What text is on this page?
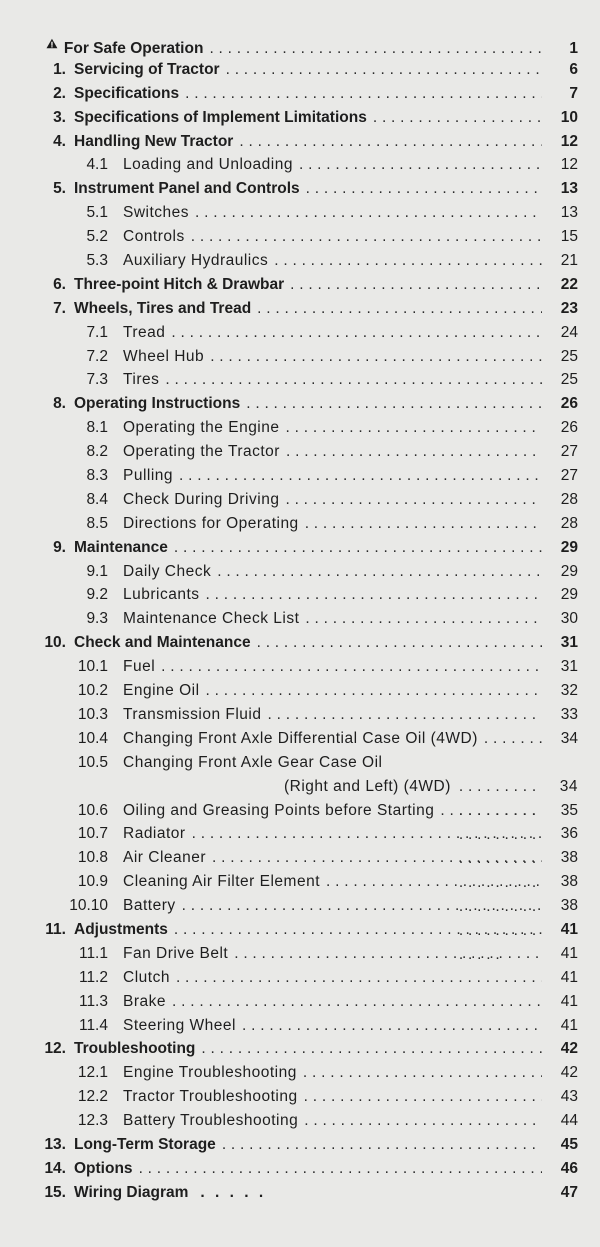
For Safe Operation . . .	1
1. Servicing of Tractor . . .	6
2. Specifications . . .	7
3. Specifications of Implement Limitations . . .	10
4. Handling New Tractor . . .	12
4.1 Loading and Unloading . . .	12
5. Instrument Panel and Controls . . .	13
5.1 Switches . . .	13
5.2 Controls . . .	15
5.3 Auxiliary Hydraulics . . .	21
6. Three-point Hitch & Drawbar . . .	22
7. Wheels, Tires and Tread . . .	23
7.1 Tread . . .	24
7.2 Wheel Hub . . .	25
7.3 Tires . . .	25
8. Operating Instructions . . .	26
8.1 Operating the Engine . . .	26
8.2 Operating the Tractor . . .	27
8.3 Pulling . . .	27
8.4 Check During Driving . . .	28
8.5 Directions for Operating . . .	28
9. Maintenance . . .	29
9.1 Daily Check . . .	29
9.2 Lubricants . . .	29
9.3 Maintenance Check List . . .	30
10. Check and Maintenance . . .	31
10.1 Fuel . . .	31
10.2 Engine Oil . . .	32
10.3 Transmission Fluid . . .	33
10.4 Changing Front Axle Differential Case Oil (4WD) . . .	34
10.5 Changing Front Axle Gear Case Oil
(Right and Left) (4WD) . . .	34
10.6 Oiling and Greasing Points before Starting . . .	35
10.7 Radiator . . .	36
10.8 Air Cleaner . . .	38
10.9 Cleaning Air Filter Element . . .	38
10.10 Battery . . .	38
11. Adjustments . . .	41
11.1 Fan Drive Belt . . .	41
11.2 Clutch . . .	41
11.3 Brake . . .	41
11.4 Steering Wheel . . .	41
12. Troubleshooting . . .	42
12.1 Engine Troubleshooting . . .	42
12.2 Tractor Troubleshooting . . .	43
12.3 Battery Troubleshooting . . .	44
13. Long-Term Storage . . .	45
14. Options . . .	46
15. Wiring Diagram . . . . .	47
